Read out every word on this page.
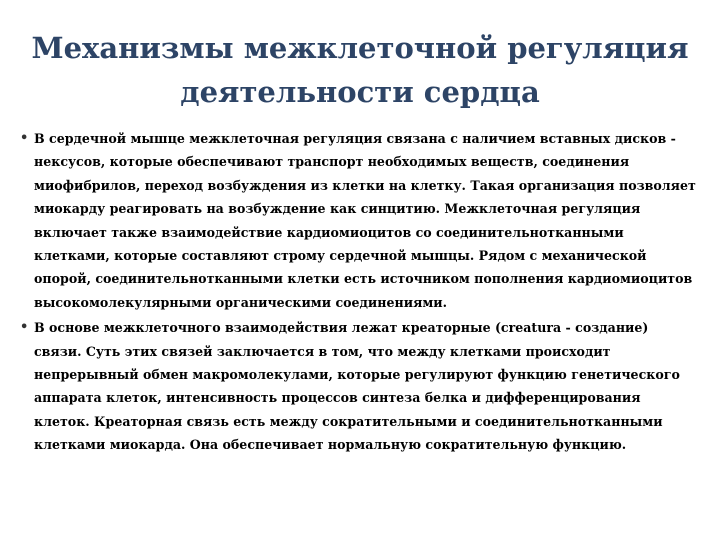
Механизмы межклеточной регуляция
деятельности сердца
• В сердечной мышце межклеточная регуляция связана с наличием вставных дисков - нексусов, которые обеспечивают транспорт необходимых веществ, соединения миофибрилов, переход возбуждения из клетки на клетку. Такая организация позволяет миокарду реагировать на возбуждение как синцитию. Межклеточная регуляция включает также взаимодействие кардиомиоцитов со соединительнотканными клетками, которые составляют строму сердечной мышцы. Рядом с механической опорой, соединительнотканными клетки есть источником пополнения кардиомиоцитов высокомолекулярными органическими соединениями.
• В основе межклеточного взаимодействия лежат креаторные (creatura - создание) связи. Суть этих связей заключается в том, что между клетками происходит непрерывный обмен макромолекулами, которые регулируют функцию генетического аппарата клеток, интенсивность процессов синтеза белка и дифференцирования клеток. Креаторная связь есть между сократительными и соединительнотканными клетками миокарда. Она обеспечивает нормальную сократительную функцию.
